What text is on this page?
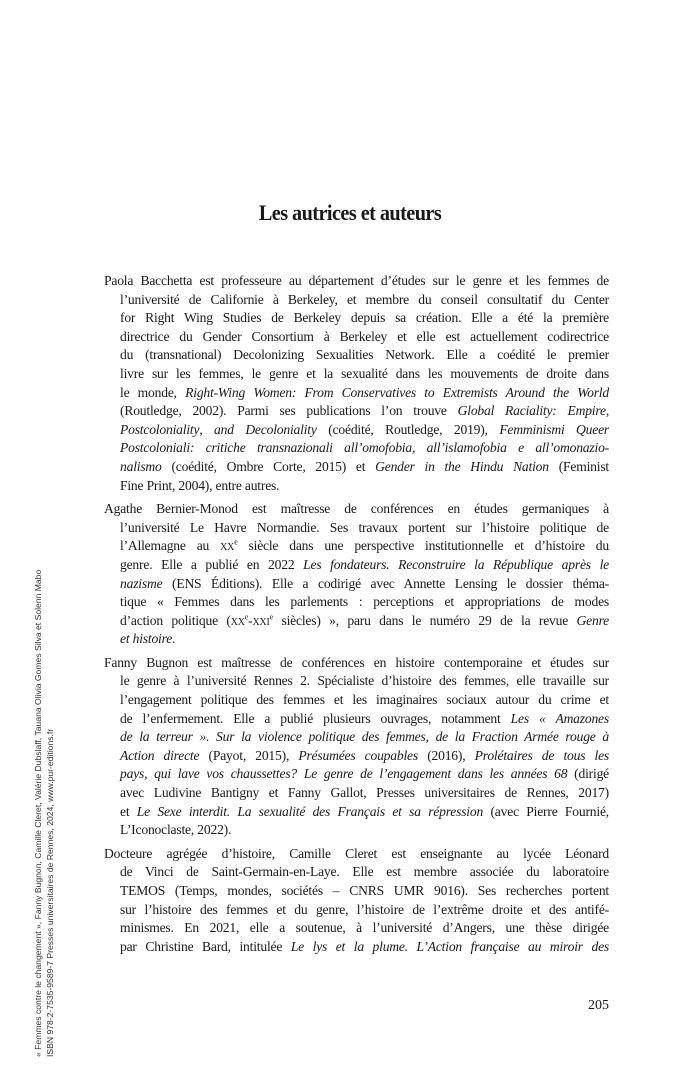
Les autrices et auteurs
Paola Bacchetta est professeure au département d’études sur le genre et les femmes de
l’université de Californie à Berkeley, et membre du conseil consultatif du Center
for Right Wing Studies de Berkeley depuis sa création. Elle a été la première
directrice du Gender Consortium à Berkeley et elle est actuellement codirectrice
du (transnational) Decolonizing Sexualities Network. Elle a coédité le premier
livre sur les femmes, le genre et la sexualité dans les mouvements de droite dans
le monde, Right-Wing Women: From Conservatives to Extremists Around the World
(Routledge, 2002). Parmi ses publications l’on trouve Global Raciality: Empire,
Postcoloniality, and Decoloniality (coédité, Routledge, 2019), Femminismi Queer
Postcoloniali: critiche transnazionali all’omofobia, all’islamofobia e all’omonazio-
nalismo (coédité, Ombre Corte, 2015) et Gender in the Hindu Nation (Feminist
Fine Print, 2004), entre autres.
Agathe Bernier-Monod est maîtresse de conférences en études germaniques à
l’université Le Havre Normandie. Ses travaux portent sur l’histoire politique de
l’Allemagne au $xx^e$ siècle dans une perspective institutionnelle et d’histoire du
genre. Elle a publié en 2022 Les fondateurs. Reconstruire la République après le
nazisme (ENS Éditions). Elle a codirigé avec Annette Lensing le dossier théma-
tique « Femmes dans les parlements : perceptions et appropriations de modes
d’action politique ($xx^e-xxi^e$ siècles) », paru dans le numéro 29 de la revue Genre
et histoire.
Fanny Bugnon est maîtresse de conférences en histoire contemporaine et études sur
le genre à l’université Rennes 2. Spécialiste d’histoire des femmes, elle travaille sur
l’engagement politique des femmes et les imaginaires sociaux autour du crime et
de l’enfermement. Elle a publié plusieurs ouvrages, notamment Les « Amazones
de la terreur ». Sur la violence politique des femmes, de la Fraction Armée rouge à
Action directe (Payot, 2015), Présumées coupables (2016), Prolétaires de tous les
pays, qui lave vos chaussettes? Le genre de l’engagement dans les années 68 (dirigé
avec Ludivine Bantigny et Fanny Gallot, Presses universitaires de Rennes, 2017)
et Le Sexe interdit. La sexualité des Français et sa répression (avec Pierre Fournié,
L’Iconoclaste, 2022).
Docteure agrégée d’histoire, Camille Cleret est enseignante au lycée Léonard
de Vinci de Saint-Germain-en-Laye. Elle est membre associée du laboratoire
TEMOS (Temps, mondes, sociétés – CNRS UMR 9016). Ses recherches portent
sur l’histoire des femmes et du genre, l’histoire de l’extrême droite et des antifé-
minismes. En 2021, elle a soutenue, à l’université d’Angers, une thèse dirigée
par Christine Bard, intitulée Le lys et la plume. L’Action française au miroir des
205
« Femmes contre le changement », Fanny Bugnon, Camille Cleret, Valérie Dubslaff, Tauana Olivia Gomes Silva et Solenn Mabo ISBN 978-2-7535-9589-7 Presses universitaires de Rennes, 2024, www.pur-editions.fr
